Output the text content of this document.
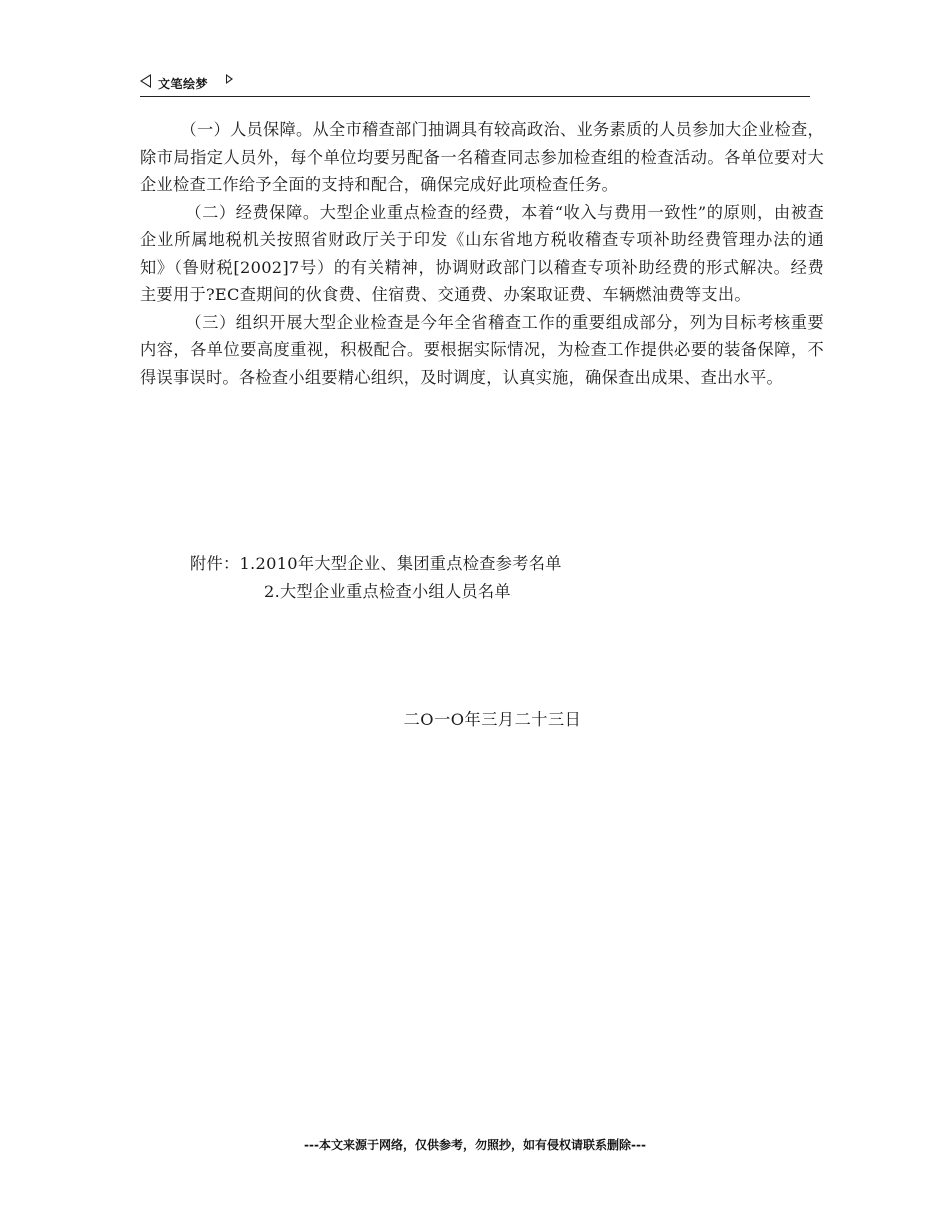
文笔绘梦

（一）人员保障。从全市稽查部门抽调具有较高政治、业务素质的人员参加大企业检查，除市局指定人员外，每个单位均要另配备一名稽查同志参加检查组的检查活动。各单位要对大企业检查工作给予全面的支持和配合，确保完成好此项检查任务。

（二）经费保障。大型企业重点检查的经费，本着“收入与费用一致性”的原则，由被查企业所属地税机关按照省财政厅关于印发《山东省地方税收稽查专项补助经费管理办法的通知》（鲁财税[2002]7号）的有关精神，协调财政部门以稽查专项补助经费的形式解决。经费主要用于?EC查期间的伙食费、住宿费、交通费、办案取证费、车辆燃油费等支出。

（三）组织开展大型企业检查是今年全省稽查工作的重要组成部分，列为目标考核重要内容，各单位要高度重视，积极配合。要根据实际情况，为检查工作提供必要的装备保障，不得误事误时。各检查小组要精心组织，及时调度，认真实施，确保查出成果、查出水平。

附件：1.2010年大型企业、集团重点检查参考名单
2.大型企业重点检查小组人员名单
二O一O年三月二十三日
---本文来源于网络，仅供参考，勿照抄，如有侵权请联系删除---
